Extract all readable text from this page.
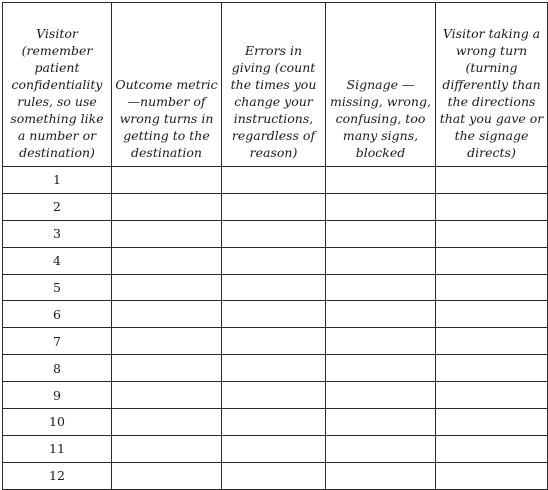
Visitor (remember patient confidentiality rules, so use something like a number or destination)	Outcome metric—number of wrong turns in getting to the destination	Errors in giving (count the times you change your instructions, regardless of reason)	Signage — missing, wrong, confusing, too many signs, blocked	Visitor taking a wrong turn (turning differently than the directions that you gave or the signage directs)
1				
2				
3				
4				
5				
6				
7				
8				
9				
10				
11				
12				
